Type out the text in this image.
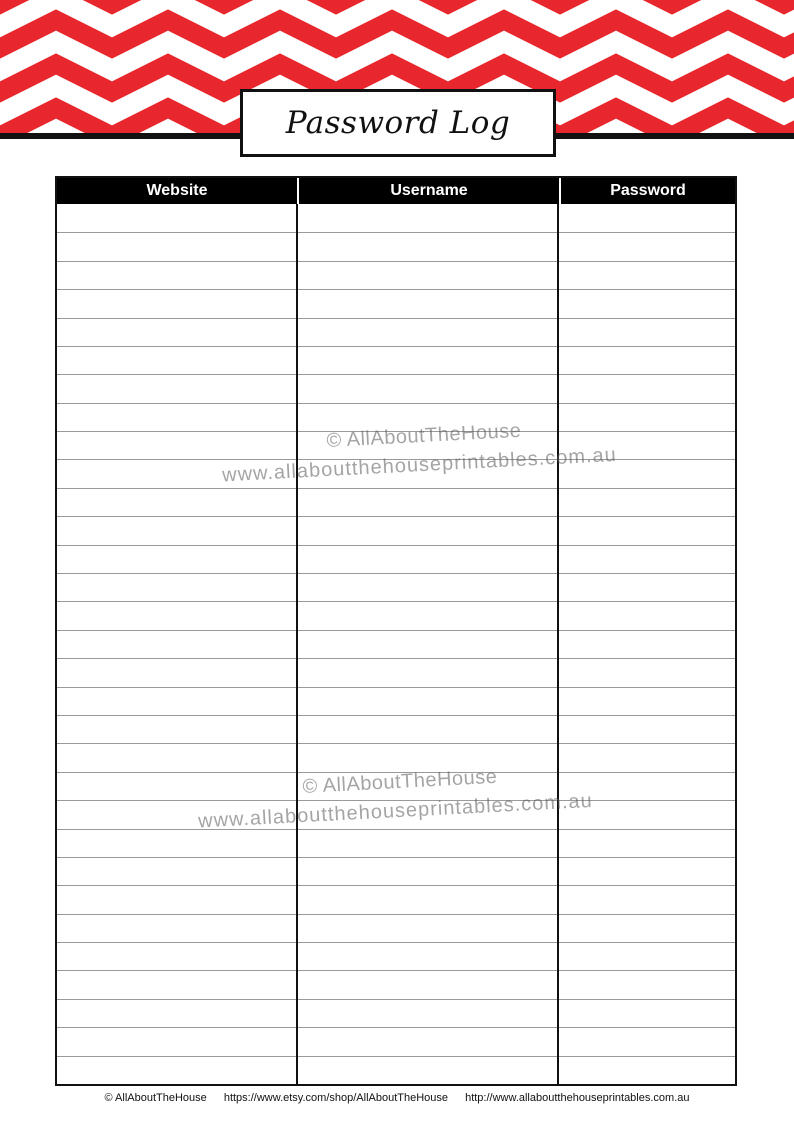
Password Log
Website	Username	Password
© AllAboutTheHouse
www.allaboutthehouseprintables.com.au
© AllAboutTheHouse
www.allaboutthehouseprintables.com.au
© AllAboutTheHouse https://www.etsy.com/shop/AllAboutTheHouse http://www.allaboutthehouseprintables.com.au
